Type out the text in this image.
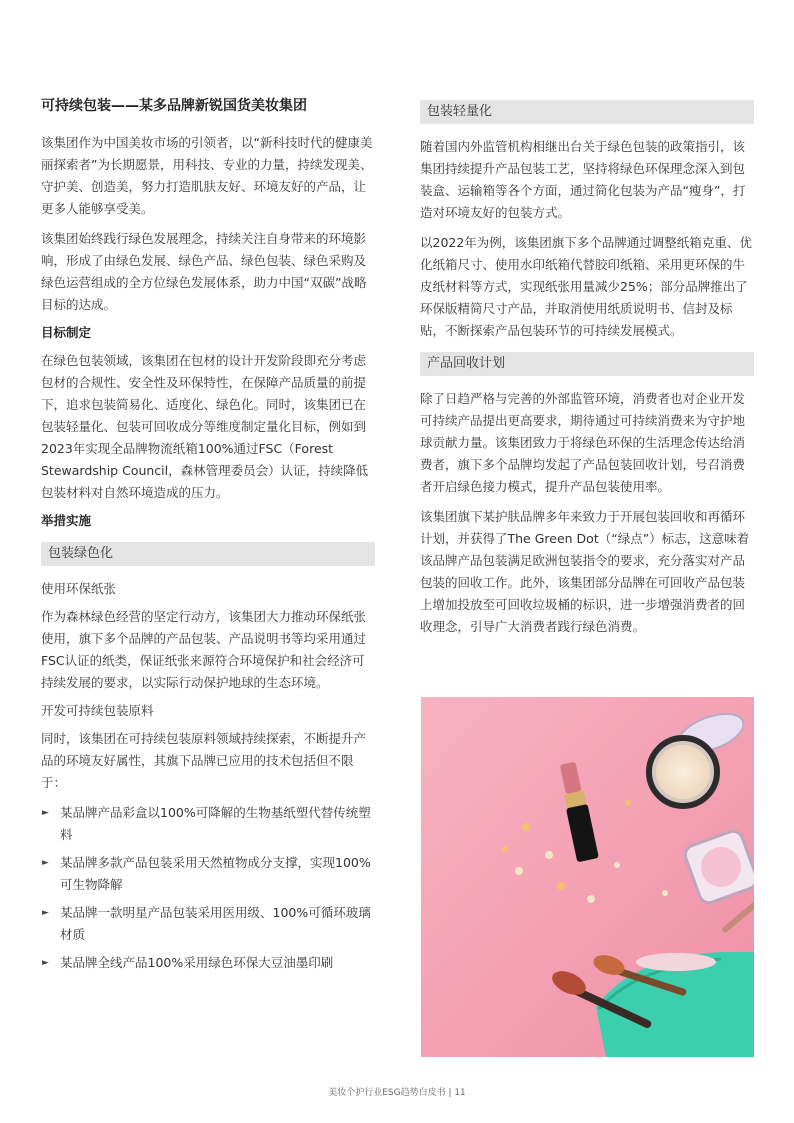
可持续包装——某多品牌新锐国货美妆集团

该集团作为中国美妆市场的引领者，以“新科技时代的健康美丽探索者”为长期愿景，用科技、专业的力量，持续发现美、守护美、创造美，努力打造肌肤友好、环境友好的产品，让更多人能够享受美。

该集团始终践行绿色发展理念，持续关注自身带来的环境影响，形成了由绿色发展、绿色产品、绿色包装、绿色采购及绿色运营组成的全方位绿色发展体系，助力中国“双碳”战略目标的达成。

目标制定

在绿色包装领域，该集团在包材的设计开发阶段即充分考虑包材的合规性、安全性及环保特性，在保障产品质量的前提下，追求包装简易化、适度化、绿色化。同时，该集团已在包装轻量化、包装可回收成分等维度制定量化目标，例如到2023年实现全品牌物流纸箱100%通过FSC（Forest Stewardship Council，森林管理委员会）认证，持续降低包装材料对自然环境造成的压力。

举措实施
包装绿色化
使用环保纸张

作为森林绿色经营的坚定行动方，该集团大力推动环保纸张使用，旗下多个品牌的产品包装、产品说明书等均采用通过FSC认证的纸类，保证纸张来源符合环境保护和社会经济可持续发展的要求，以实际行动保护地球的生态环境。

开发可持续包装原料

同时，该集团在可持续包装原料领域持续探索，不断提升产品的环境友好属性，其旗下品牌已应用的技术包括但不限于：

► 某品牌产品彩盒以100%可降解的生物基纸塑代替传统塑料
► 某品牌多款产品包装采用天然植物成分支撑，实现100%可生物降解
► 某品牌一款明星产品包装采用医用级、100%可循环玻璃材质
► 某品牌全线产品100%采用绿色环保大豆油墨印刷
包装轻量化

随着国内外监管机构相继出台关于绿色包装的政策指引，该集团持续提升产品包装工艺，坚持将绿色环保理念深入到包装盒、运输箱等各个方面，通过简化包装为产品“瘦身”，打造对环境友好的包装方式。

以2022年为例，该集团旗下多个品牌通过调整纸箱克重、优化纸箱尺寸、使用水印纸箱代替胶印纸箱、采用更环保的牛皮纸材料等方式，实现纸张用量减少25%；部分品牌推出了环保版精简尺寸产品，并取消使用纸质说明书、信封及标贴，不断探索产品包装环节的可持续发展模式。

产品回收计划

除了日趋严格与完善的外部监管环境，消费者也对企业开发可持续产品提出更高要求，期待通过可持续消费来为守护地球贡献力量。该集团致力于将绿色环保的生活理念传达给消费者，旗下多个品牌均发起了产品包装回收计划，号召消费者开启绿色接力模式，提升产品包装使用率。

该集团旗下某护肤品牌多年来致力于开展包装回收和再循环计划，并获得了The Green Dot（“绿点”）标志，这意味着该品牌产品包装满足欧洲包装指令的要求，充分落实对产品包装的回收工作。此外，该集团部分品牌在可回收产品包装上增加投放至可回收垃圾桶的标识，进一步增强消费者的回收理念，引导广大消费者践行绿色消费。

美妆个护行业ESG趋势白皮书 | 11
